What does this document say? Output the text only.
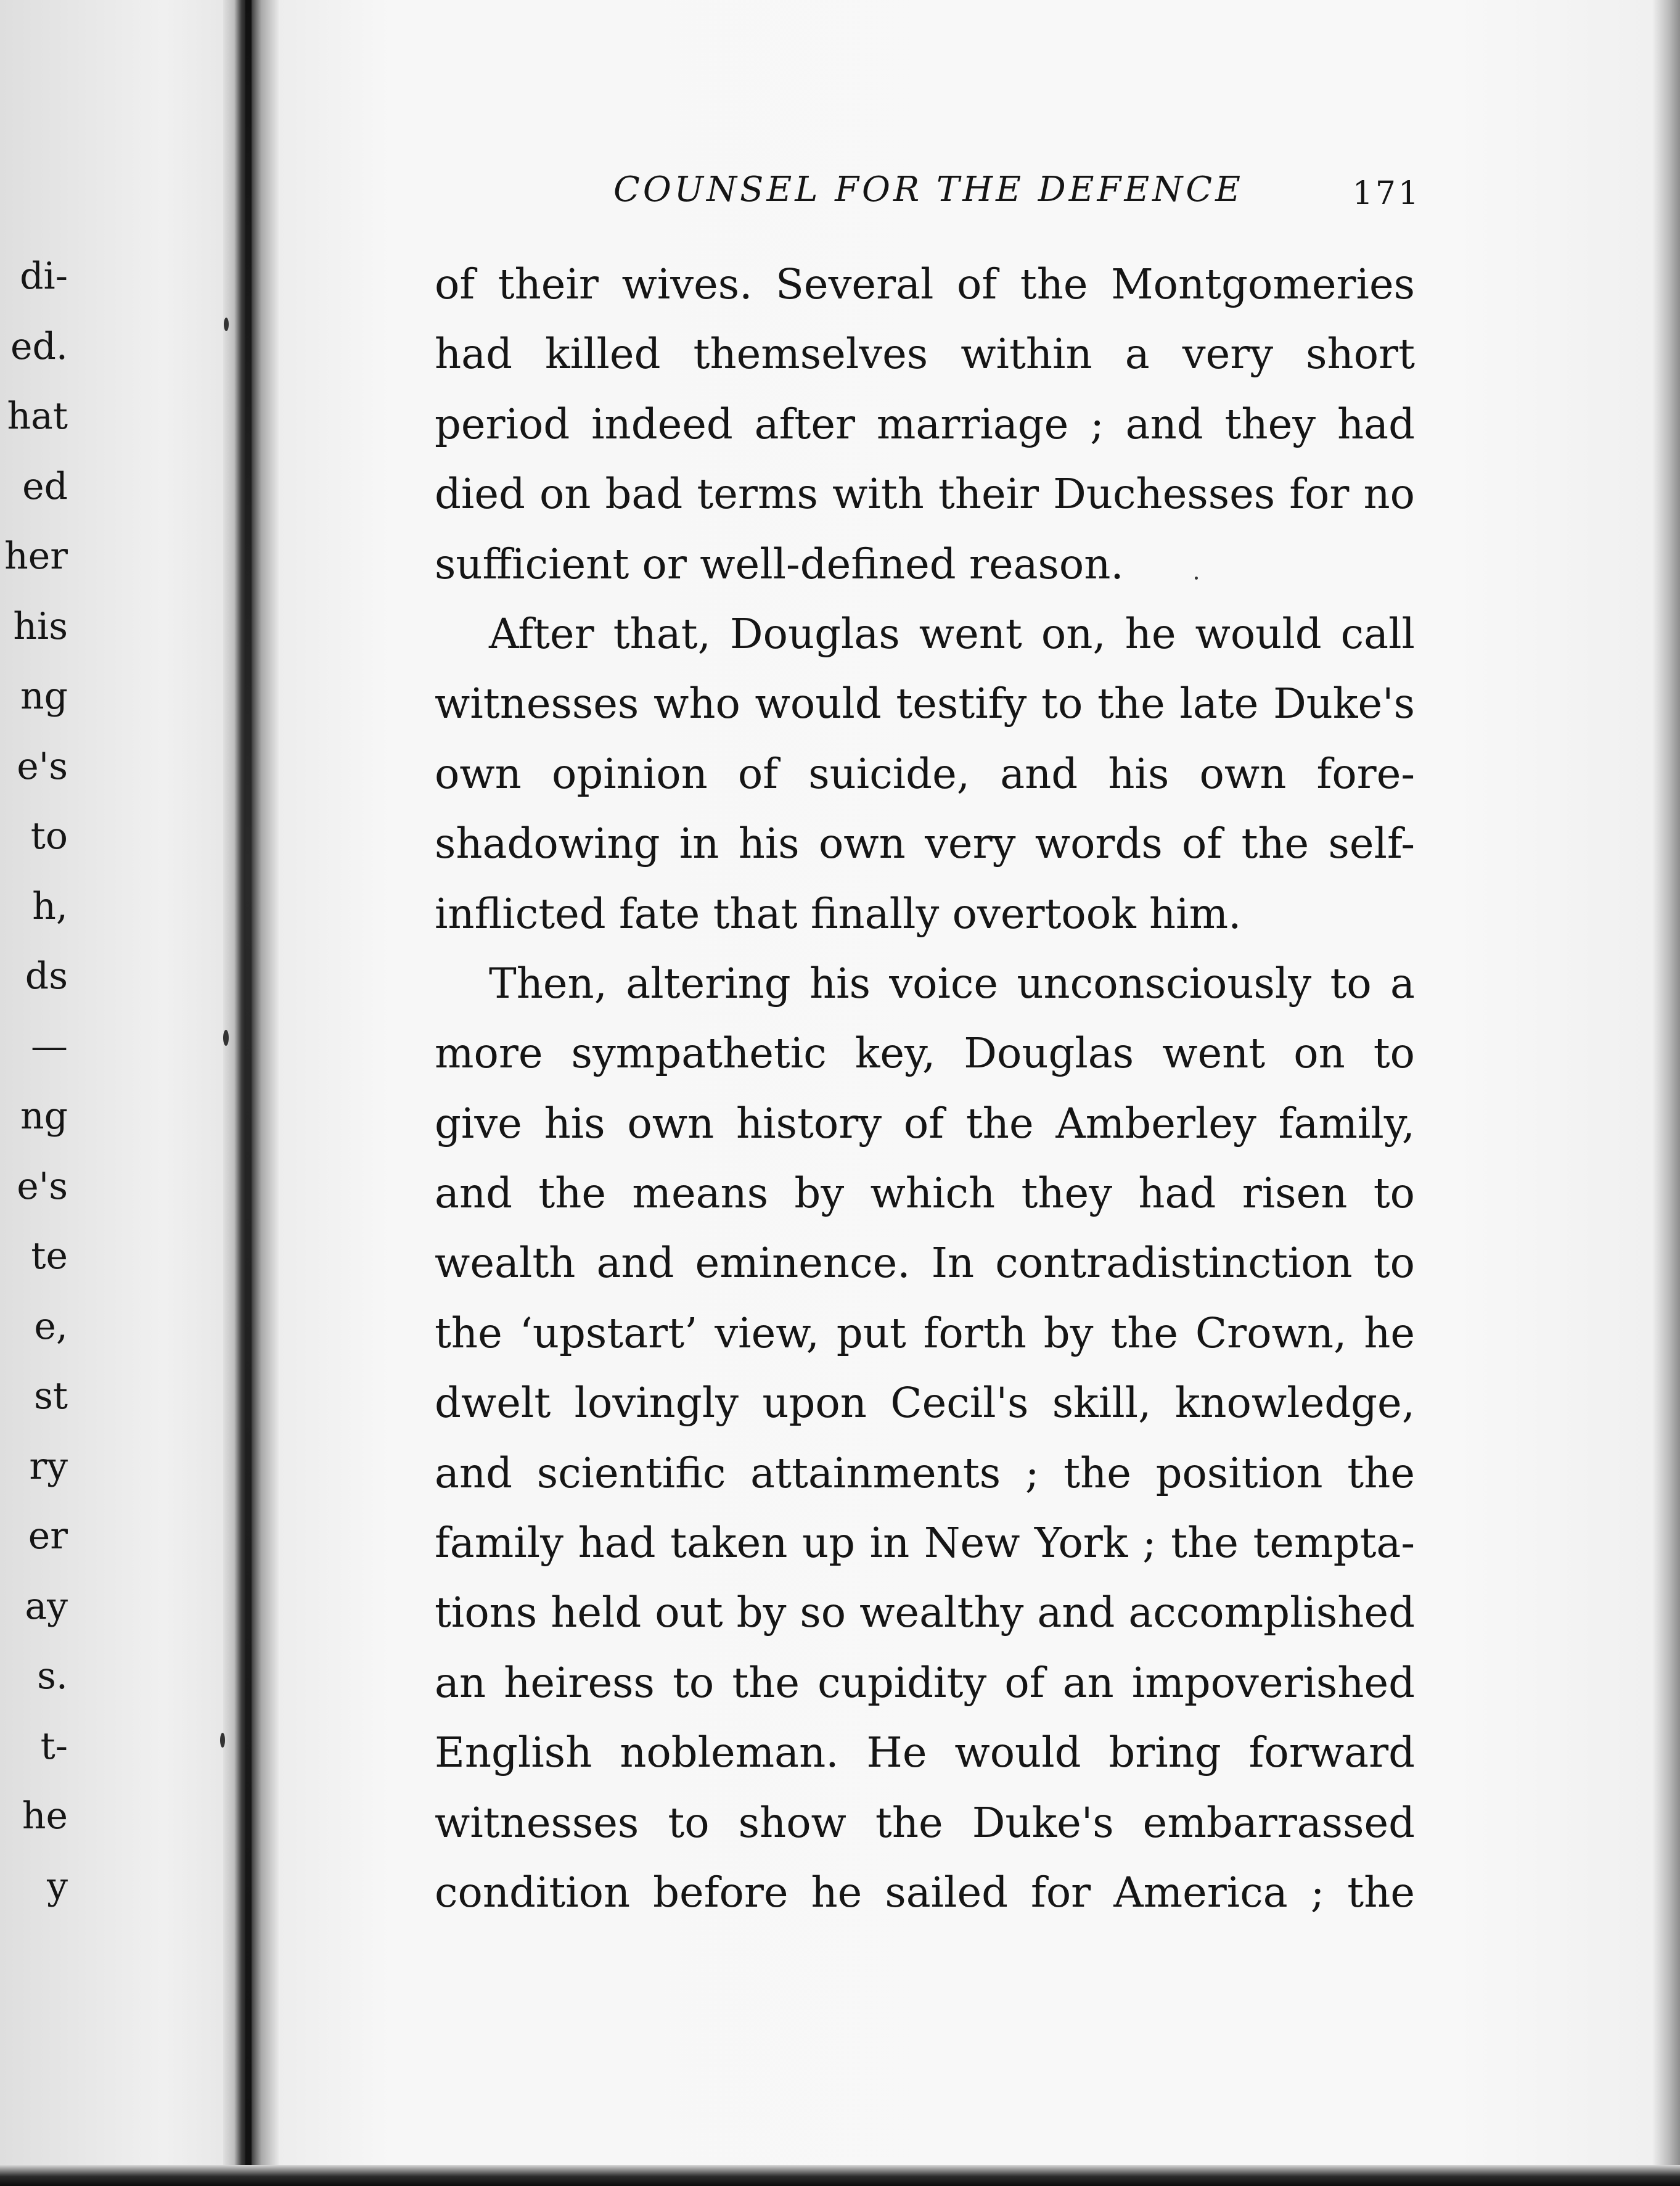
di-
ed.
hat
ed
her
his
ng
e's
to
h,
ds
—
ng
e's
te
e,
st
ry
er
ay
s.
t-
he
y
COUNSEL FOR THE DEFENCE	171

of their wives. Several of the Montgomeries
had killed themselves within a very short
period indeed after marriage ; and they had
died on bad terms with their Duchesses for no
sufficient or well-defined reason.

After that, Douglas went on, he would call
witnesses who would testify to the late Duke's
own opinion of suicide, and his own fore-
shadowing in his own very words of the self-
inflicted fate that finally overtook him.

Then, altering his voice unconsciously to a
more sympathetic key, Douglas went on to
give his own history of the Amberley family,
and the means by which they had risen to
wealth and eminence. In contradistinction to
the ‘upstart’ view, put forth by the Crown, he
dwelt lovingly upon Cecil's skill, knowledge,
and scientific attainments ; the position the
family had taken up in New York ; the tempta-
tions held out by so wealthy and accomplished
an heiress to the cupidity of an impoverished
English nobleman. He would bring forward
witnesses to show the Duke's embarrassed
condition before he sailed for America ; the
